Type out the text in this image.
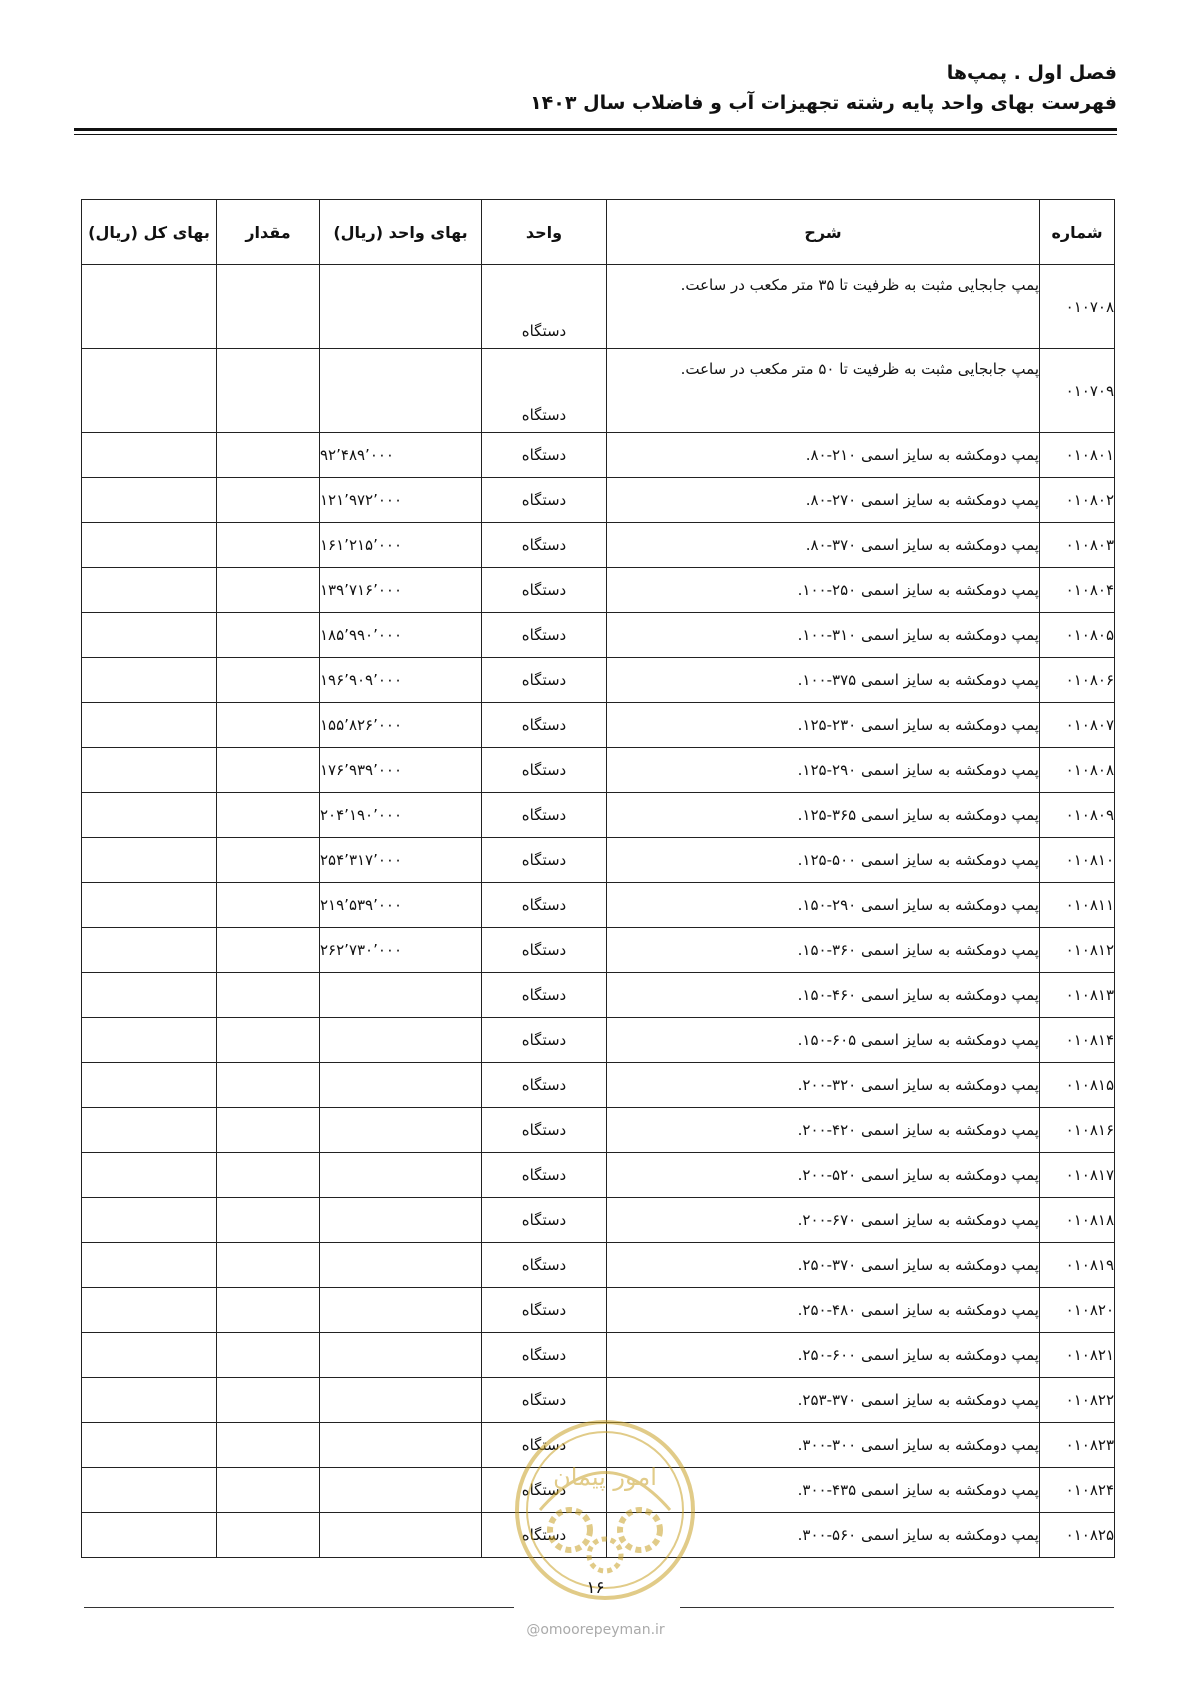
فصل اول . پمپ‌ها
فهرست بهای واحد پایه رشته تجهیزات آب و فاضلاب سال ۱۴۰۳
شماره	شرح	واحد	بهای واحد (ریال)	مقدار	بهای کل (ریال)
۰۱۰۷۰۸	پمپ جابجایی مثبت به ظرفیت تا ۳۵ متر مکعب در ساعت.	دستگاه			
۰۱۰۷۰۹	پمپ جابجایی مثبت به ظرفیت تا ۵۰ متر مکعب در ساعت.	دستگاه			
۰۱۰۸۰۱	پمپ دومکشه به سایز اسمی ۲۱۰-۸۰.	دستگاه	۹۲٬۴۸۹٬۰۰۰		
۰۱۰۸۰۲	پمپ دومکشه به سایز اسمی ۲۷۰-۸۰.	دستگاه	۱۲۱٬۹۷۲٬۰۰۰		
۰۱۰۸۰۳	پمپ دومکشه به سایز اسمی ۳۷۰-۸۰.	دستگاه	۱۶۱٬۲۱۵٬۰۰۰		
۰۱۰۸۰۴	پمپ دومکشه به سایز اسمی ۲۵۰-۱۰۰.	دستگاه	۱۳۹٬۷۱۶٬۰۰۰		
۰۱۰۸۰۵	پمپ دومکشه به سایز اسمی ۳۱۰-۱۰۰.	دستگاه	۱۸۵٬۹۹۰٬۰۰۰		
۰۱۰۸۰۶	پمپ دومکشه به سایز اسمی ۳۷۵-۱۰۰.	دستگاه	۱۹۶٬۹۰۹٬۰۰۰		
۰۱۰۸۰۷	پمپ دومکشه به سایز اسمی ۲۳۰-۱۲۵.	دستگاه	۱۵۵٬۸۲۶٬۰۰۰		
۰۱۰۸۰۸	پمپ دومکشه به سایز اسمی ۲۹۰-۱۲۵.	دستگاه	۱۷۶٬۹۳۹٬۰۰۰		
۰۱۰۸۰۹	پمپ دومکشه به سایز اسمی ۳۶۵-۱۲۵.	دستگاه	۲۰۴٬۱۹۰٬۰۰۰		
۰۱۰۸۱۰	پمپ دومکشه به سایز اسمی ۵۰۰-۱۲۵.	دستگاه	۲۵۴٬۳۱۷٬۰۰۰		
۰۱۰۸۱۱	پمپ دومکشه به سایز اسمی ۲۹۰-۱۵۰.	دستگاه	۲۱۹٬۵۳۹٬۰۰۰		
۰۱۰۸۱۲	پمپ دومکشه به سایز اسمی ۳۶۰-۱۵۰.	دستگاه	۲۶۲٬۷۳۰٬۰۰۰		
۰۱۰۸۱۳	پمپ دومکشه به سایز اسمی ۴۶۰-۱۵۰.	دستگاه			
۰۱۰۸۱۴	پمپ دومکشه به سایز اسمی ۶۰۵-۱۵۰.	دستگاه			
۰۱۰۸۱۵	پمپ دومکشه به سایز اسمی ۳۲۰-۲۰۰.	دستگاه			
۰۱۰۸۱۶	پمپ دومکشه به سایز اسمی ۴۲۰-۲۰۰.	دستگاه			
۰۱۰۸۱۷	پمپ دومکشه به سایز اسمی ۵۲۰-۲۰۰.	دستگاه			
۰۱۰۸۱۸	پمپ دومکشه به سایز اسمی ۶۷۰-۲۰۰.	دستگاه			
۰۱۰۸۱۹	پمپ دومکشه به سایز اسمی ۳۷۰-۲۵۰.	دستگاه			
۰۱۰۸۲۰	پمپ دومکشه به سایز اسمی ۴۸۰-۲۵۰.	دستگاه			
۰۱۰۸۲۱	پمپ دومکشه به سایز اسمی ۶۰۰-۲۵۰.	دستگاه			
۰۱۰۸۲۲	پمپ دومکشه به سایز اسمی ۳۷۰-۲۵۳.	دستگاه			
۰۱۰۸۲۳	پمپ دومکشه به سایز اسمی ۳۰۰-۳۰۰.	دستگاه			
۰۱۰۸۲۴	پمپ دومکشه به سایز اسمی ۴۳۵-۳۰۰.	دستگاه			
۰۱۰۸۲۵	پمپ دومکشه به سایز اسمی ۵۶۰-۳۰۰.	دستگاه			
امور پیمان
۱۶
@omoorepeyman.ir
